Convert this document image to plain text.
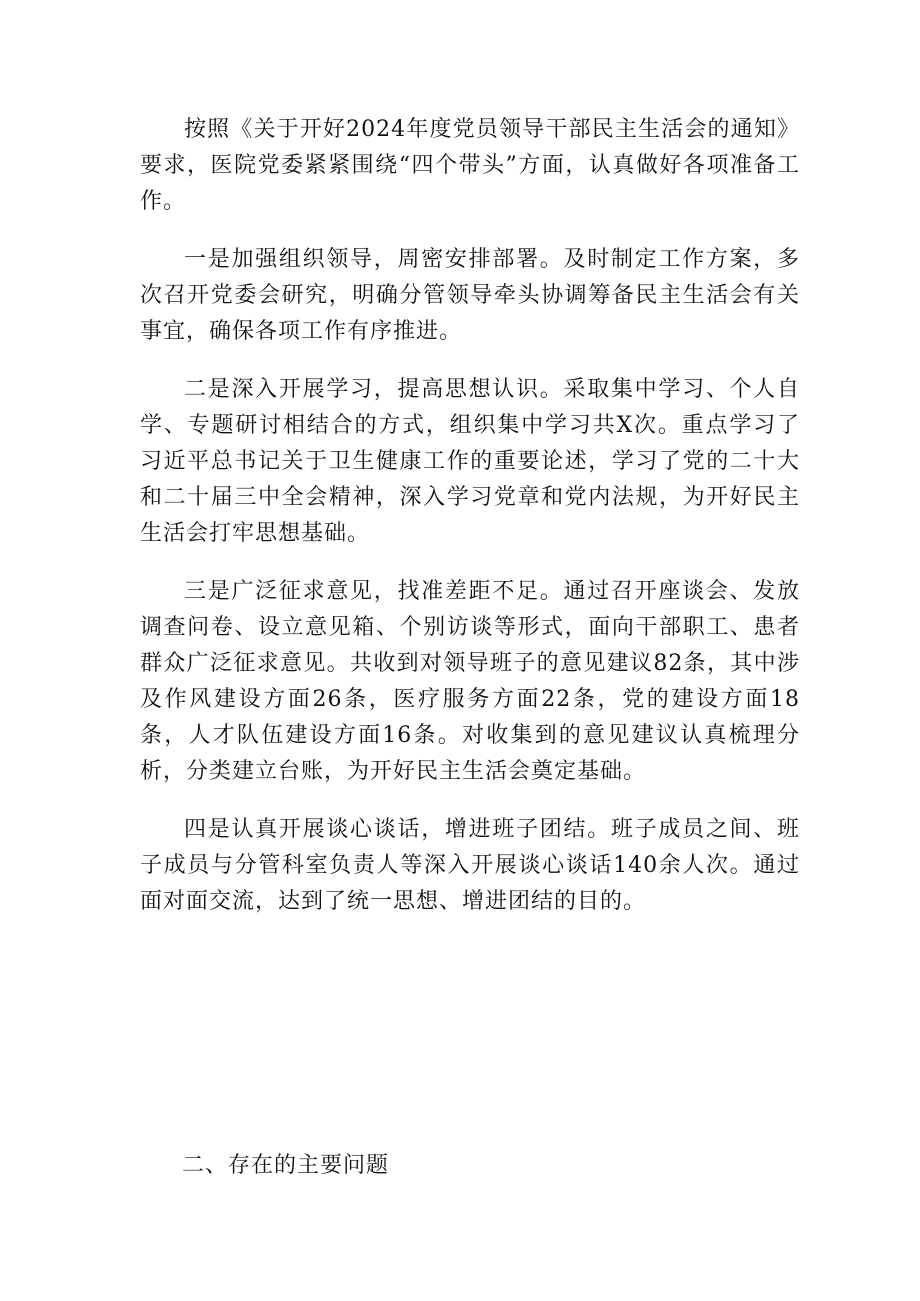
按照《关于开好2024年度党员领导干部民主生活会的通知》要求，医院党委紧紧围绕“四个带头”方面，认真做好各项准备工作。

一是加强组织领导，周密安排部署。及时制定工作方案，多次召开党委会研究，明确分管领导牵头协调筹备民主生活会有关事宜，确保各项工作有序推进。

二是深入开展学习，提高思想认识。采取集中学习、个人自学、专题研讨相结合的方式，组织集中学习共X次。重点学习了习近平总书记关于卫生健康工作的重要论述，学习了党的二十大和二十届三中全会精神，深入学习党章和党内法规，为开好民主生活会打牢思想基础。

三是广泛征求意见，找准差距不足。通过召开座谈会、发放调查问卷、设立意见箱、个别访谈等形式，面向干部职工、患者群众广泛征求意见。共收到对领导班子的意见建议82条，其中涉及作风建设方面26条，医疗服务方面22条，党的建设方面18条，人才队伍建设方面16条。对收集到的意见建议认真梳理分析，分类建立台账，为开好民主生活会奠定基础。

四是认真开展谈心谈话，增进班子团结。班子成员之间、班子成员与分管科室负责人等深入开展谈心谈话140余人次。通过面对面交流，达到了统一思想、增进团结的目的。

二、存在的主要问题
